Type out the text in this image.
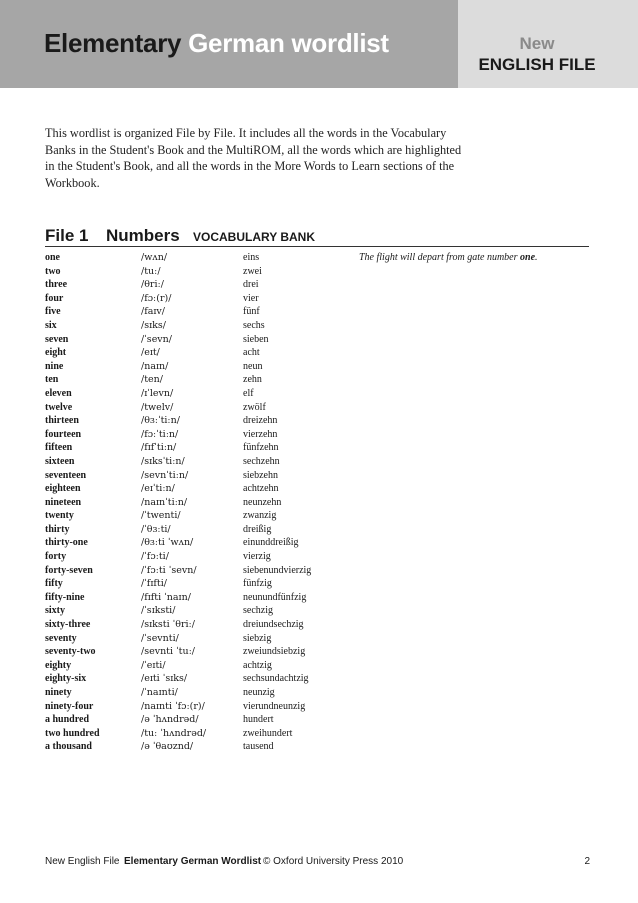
Elementary German wordlist	New
ENGLISH FILE

This wordlist is organized File by File. It includes all the words in the Vocabulary Banks in the Student's Book and the MultiROM, all the words which are highlighted in the Student's Book, and all the words in the More Words to Learn sections of the Workbook.

File 1 Numbers VOCABULARY BANK
one	/wʌn/	eins	The flight will depart from gate number one.
two	/tuː/	zwei
three	/θriː/	drei
four	/fɔː(r)/	vier
five	/faɪv/	fünf
six	/sɪks/	sechs
seven	/ˈsevn/	sieben
eight	/eɪt/	acht
nine	/naɪn/	neun
ten	/ten/	zehn
eleven	/ɪˈlevn/	elf
twelve	/twelv/	zwölf
thirteen	/θɜːˈtiːn/	dreizehn
fourteen	/fɔːˈtiːn/	vierzehn
fifteen	/fɪfˈtiːn/	fünfzehn
sixteen	/sɪksˈtiːn/	sechzehn
seventeen	/sevnˈtiːn/	siebzehn
eighteen	/eɪˈtiːn/	achtzehn
nineteen	/naɪnˈtiːn/	neunzehn
twenty	/ˈtwenti/	zwanzig
thirty	/ˈθɜːti/	dreißig
thirty-one	/θɜːti ˈwʌn/	einunddreißig
forty	/ˈfɔːti/	vierzig
forty-seven	/ˈfɔːti ˈsevn/	siebenundvierzig
fifty	/ˈfɪfti/	fünfzig
fifty-nine	/fɪfti ˈnaɪn/	neunundfünfzig
sixty	/ˈsɪksti/	sechzig
sixty-three	/sɪksti ˈθriː/	dreiundsechzig
seventy	/ˈsevnti/	siebzig
seventy-two	/sevnti ˈtuː/	zweiundsiebzig
eighty	/ˈeɪti/	achtzig
eighty-six	/eɪti ˈsɪks/	sechsundachtzig
ninety	/ˈnaɪnti/	neunzig
ninety-four	/naɪnti ˈfɔː(r)/	vierundneunzig
a hundred	/ə ˈhʌndrəd/	hundert
two hundred	/tuː ˈhʌndrəd/	zweihundert
a thousand	/ə ˈθaʊznd/	tausend
New English File Elementary German Wordlist © Oxford University Press 2010	2
